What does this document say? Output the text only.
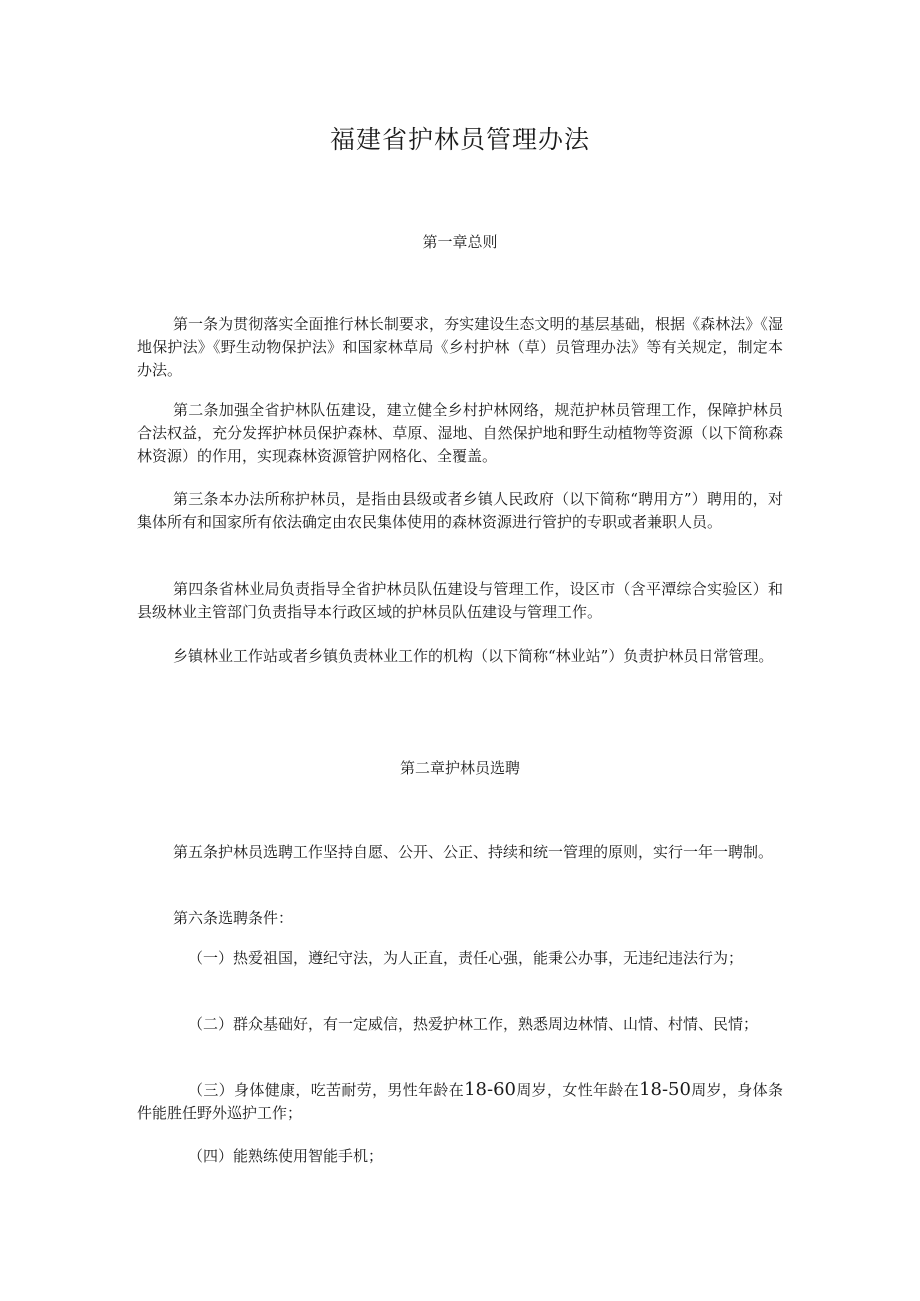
福建省护林员管理办法
第一章总则

第一条为贯彻落实全面推行林长制要求，夯实建设生态文明的基层基础，根据《森林法》《湿地保护法》《野生动物保护法》和国家林草局《乡村护林（草）员管理办法》等有关规定，制定本办法。

第二条加强全省护林队伍建设，建立健全乡村护林网络，规范护林员管理工作，保障护林员合法权益，充分发挥护林员保护森林、草原、湿地、自然保护地和野生动植物等资源（以下简称森林资源）的作用，实现森林资源管护网格化、全覆盖。

第三条本办法所称护林员，是指由县级或者乡镇人民政府（以下简称“聘用方”）聘用的，对集体所有和国家所有依法确定由农民集体使用的森林资源进行管护的专职或者兼职人员。

第四条省林业局负责指导全省护林员队伍建设与管理工作，设区市（含平潭综合实验区）和县级林业主管部门负责指导本行政区域的护林员队伍建设与管理工作。

乡镇林业工作站或者乡镇负责林业工作的机构（以下简称“林业站”）负责护林员日常管理。

第二章护林员选聘

第五条护林员选聘工作坚持自愿、公开、公正、持续和统一管理的原则，实行一年一聘制。

第六条选聘条件：

（一）热爱祖国，遵纪守法，为人正直，责任心强，能秉公办事，无违纪违法行为；

（二）群众基础好，有一定威信，热爱护林工作，熟悉周边林情、山情、村情、民情；

（三）身体健康，吃苦耐劳，男性年龄在18-60周岁，女性年龄在18-50周岁，身体条件能胜任野外巡护工作；

（四）能熟练使用智能手机；
